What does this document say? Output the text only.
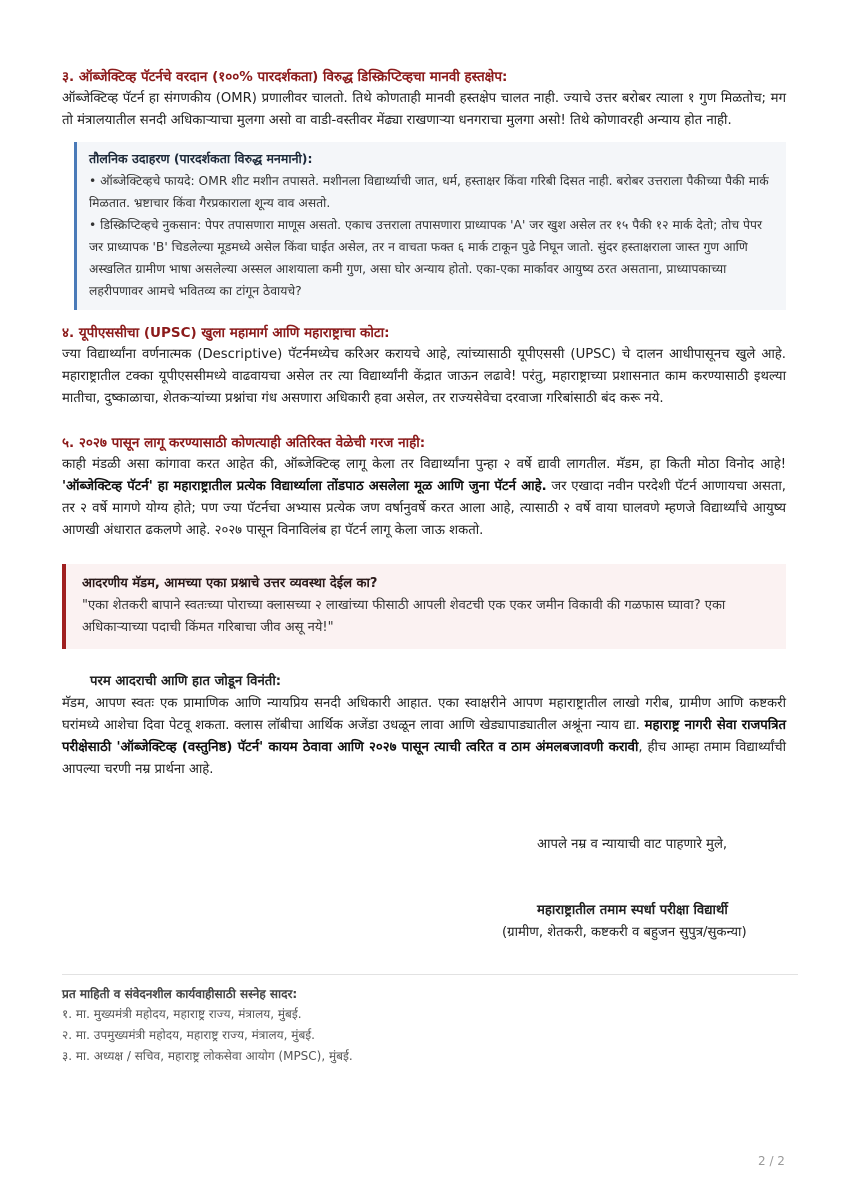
३. ऑब्जेक्टिव्ह पॅटर्नचे वरदान (१००% पारदर्शकता) विरुद्ध डिस्क्रिप्टिव्हचा मानवी हस्तक्षेप:

ऑब्जेक्टिव्ह पॅटर्न हा संगणकीय (OMR) प्रणालीवर चालतो. तिथे कोणताही मानवी हस्तक्षेप चालत नाही. ज्याचे उत्तर बरोबर त्याला १ गुण मिळतोच; मग तो मंत्रालयातील सनदी अधिकाऱ्याचा मुलगा असो वा वाडी-वस्तीवर मेंढ्या राखणाऱ्या धनगराचा मुलगा असो! तिथे कोणावरही अन्याय होत नाही.

तौलनिक उदाहरण (पारदर्शकता विरुद्ध मनमानी):

• ऑब्जेक्टिव्हचे फायदे: OMR शीट मशीन तपासते. मशीनला विद्यार्थ्याची जात, धर्म, हस्ताक्षर किंवा गरिबी दिसत नाही. बरोबर उत्तराला पैकीच्या पैकी मार्क मिळतात. भ्रष्टाचार किंवा गैरप्रकाराला शून्य वाव असतो.

• डिस्क्रिप्टिव्हचे नुकसान: पेपर तपासणारा माणूस असतो. एकाच उत्तराला तपासणारा प्राध्यापक 'A' जर खुश असेल तर १५ पैकी १२ मार्क देतो; तोच पेपर जर प्राध्यापक 'B' चिडलेल्या मूडमध्ये असेल किंवा घाईत असेल, तर न वाचता फक्त ६ मार्क टाकून पुढे निघून जातो. सुंदर हस्ताक्षराला जास्त गुण आणि अस्खलित ग्रामीण भाषा असलेल्या अस्सल आशयाला कमी गुण, असा घोर अन्याय होतो. एका-एका मार्कावर आयुष्य ठरत असताना, प्राध्यापकाच्या लहरीपणावर आमचे भवितव्य का टांगून ठेवायचे?

४. यूपीएससीचा (UPSC) खुला महामार्ग आणि महाराष्ट्राचा कोटा:

ज्या विद्यार्थ्यांना वर्णनात्मक (Descriptive) पॅटर्नमध्येच करिअर करायचे आहे, त्यांच्यासाठी यूपीएससी (UPSC) चे दालन आधीपासूनच खुले आहे. महाराष्ट्रातील टक्का यूपीएससीमध्ये वाढवायचा असेल तर त्या विद्यार्थ्यांनी केंद्रात जाऊन लढावे! परंतु, महाराष्ट्राच्या प्रशासनात काम करण्यासाठी इथल्या मातीचा, दुष्काळाचा, शेतकऱ्यांच्या प्रश्नांचा गंध असणारा अधिकारी हवा असेल, तर राज्यसेवेचा दरवाजा गरिबांसाठी बंद करू नये.

५. २०२७ पासून लागू करण्यासाठी कोणत्याही अतिरिक्त वेळेची गरज नाही:

काही मंडळी असा कांगावा करत आहेत की, ऑब्जेक्टिव्ह लागू केला तर विद्यार्थ्यांना पुन्हा २ वर्षे द्यावी लागतील. मॅडम, हा किती मोठा विनोद आहे! 'ऑब्जेक्टिव्ह पॅटर्न' हा महाराष्ट्रातील प्रत्येक विद्यार्थ्याला तोंडपाठ असलेला मूळ आणि जुना पॅटर्न आहे. जर एखादा नवीन परदेशी पॅटर्न आणायचा असता, तर २ वर्षे मागणे योग्य होते; पण ज्या पॅटर्नचा अभ्यास प्रत्येक जण वर्षानुवर्षे करत आला आहे, त्यासाठी २ वर्षे वाया घालवणे म्हणजे विद्यार्थ्यांचे आयुष्य आणखी अंधारात ढकलणे आहे. २०२७ पासून विनाविलंब हा पॅटर्न लागू केला जाऊ शकतो.

आदरणीय मॅडम, आमच्या एका प्रश्नाचे उत्तर व्यवस्था देईल का?

"एका शेतकरी बापाने स्वतःच्या पोराच्या क्लासच्या २ लाखांच्या फीसाठी आपली शेवटची एक एकर जमीन विकावी की गळफास घ्यावा? एका अधिकाऱ्याच्या पदाची किंमत गरिबाचा जीव असू नये!"

परम आदराची आणि हात जोडून विनंती:

मॅडम, आपण स्वतः एक प्रामाणिक आणि न्यायप्रिय सनदी अधिकारी आहात. एका स्वाक्षरीने आपण महाराष्ट्रातील लाखो गरीब, ग्रामीण आणि कष्टकरी घरांमध्ये आशेचा दिवा पेटवू शकता. क्लास लॉबीचा आर्थिक अजेंडा उधळून लावा आणि खेड्यापाड्यातील अश्रूंना न्याय द्या. महाराष्ट्र नागरी सेवा राजपत्रित परीक्षेसाठी 'ऑब्जेक्टिव्ह (वस्तुनिष्ठ) पॅटर्न' कायम ठेवावा आणि २०२७ पासून त्याची त्वरित व ठाम अंमलबजावणी करावी, हीच आम्हा तमाम विद्यार्थ्यांची आपल्या चरणी नम्र प्रार्थना आहे.

आपले नम्र व न्यायाची वाट पाहणारे मुले,
महाराष्ट्रातील तमाम स्पर्धा परीक्षा विद्यार्थी
(ग्रामीण, शेतकरी, कष्टकरी व बहुजन सुपुत्र/सुकन्या)
प्रत माहिती व संवेदनशील कार्यवाहीसाठी सस्नेह सादर:
१. मा. मुख्यमंत्री महोदय, महाराष्ट्र राज्य, मंत्रालय, मुंबई.
२. मा. उपमुख्यमंत्री महोदय, महाराष्ट्र राज्य, मंत्रालय, मुंबई.
३. मा. अध्यक्ष / सचिव, महाराष्ट्र लोकसेवा आयोग (MPSC), मुंबई.
2 / 2
